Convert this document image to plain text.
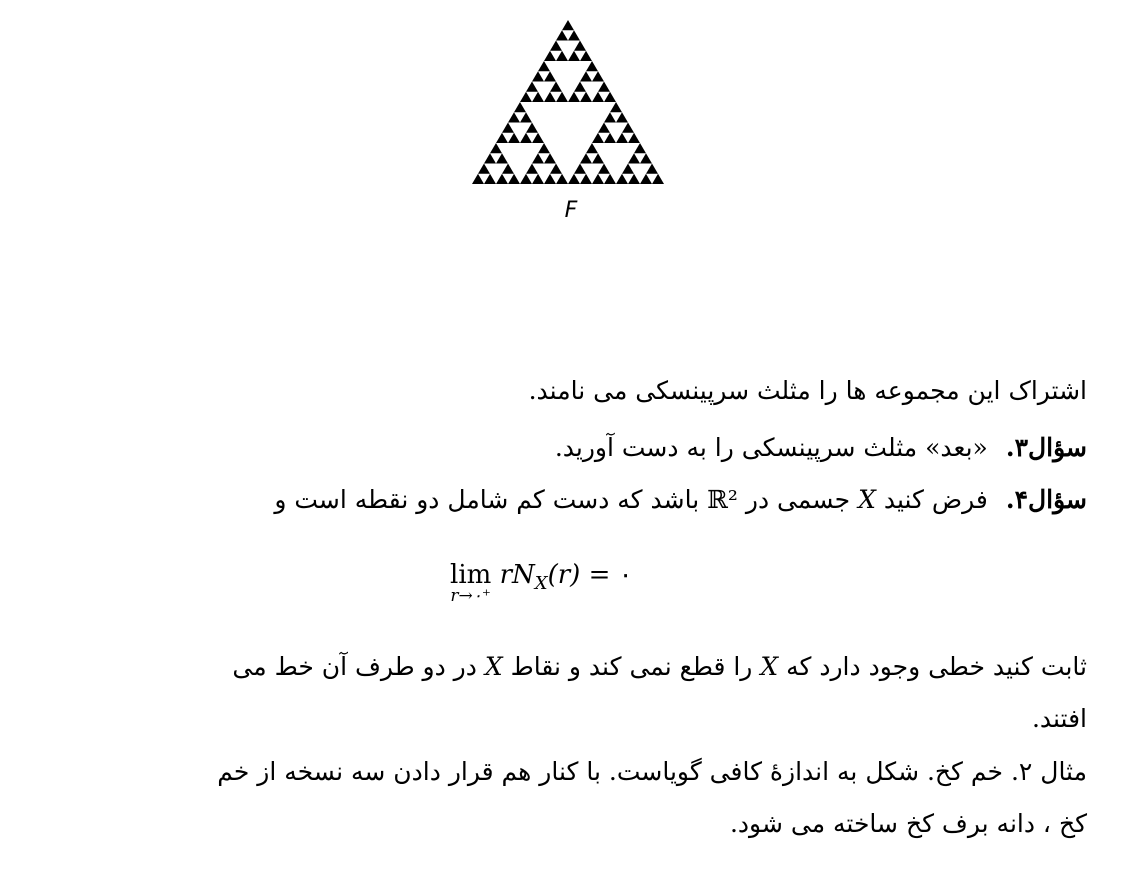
F
اشتراک این مجموعه ها را مثلث سرپینسکی می نامند.
سؤال۳.«بعد» مثلث سرپینسکی را به دست آورید.
سؤال۴.فرض کنید X جسمی در ℝ² باشد که دست کم شامل دو نقطه است و
lim
r→۰⁺
$rN_X(r)$ = ۰
ثابت کنید خطی وجود دارد که X را قطع نمی کند و نقاط X در دو طرف آن خط می
افتند.
مثال ۲. خم کخ. شکل به اندازهٔ کافی گویاست. با کنار هم قرار دادن سه نسخه از خم
کخ ، دانه برف کخ ساخته می شود.
